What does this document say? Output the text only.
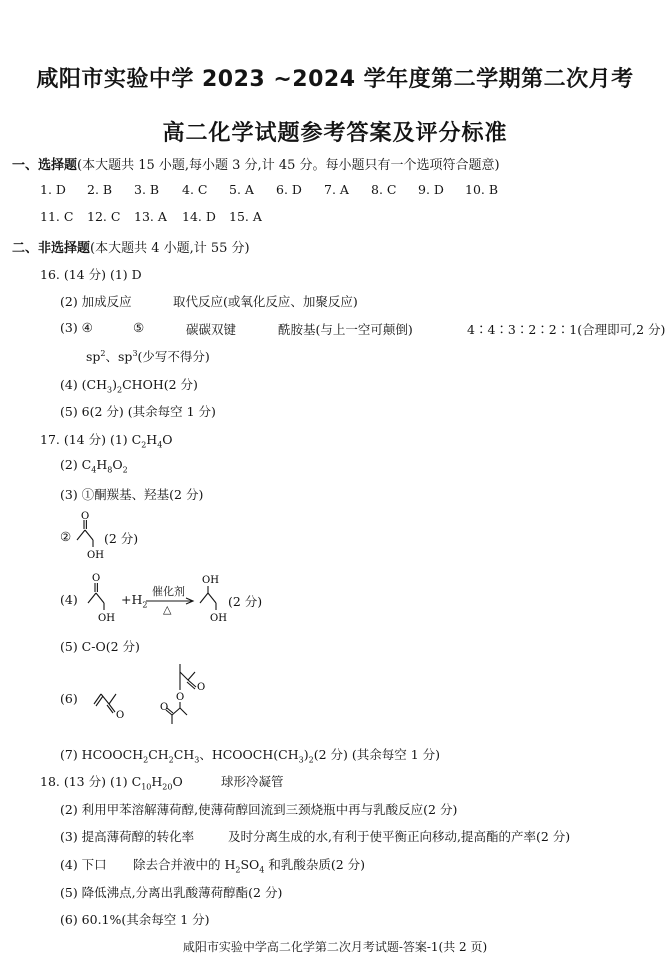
咸阳市实验中学 2023 ~2024 学年度第二学期第二次月考
高二化学试题参考答案及评分标准
一、选择题(本大题共 15 小题,每小题 3 分,计 45 分。每小题只有一个选项符合题意)
1. D 2. B 3. B 4. C 5. A 6. D 7. A 8. C 9. D 10. B
11. C 12. C 13. A 14. D 15. A
二、非选择题(本大题共 4 小题,计 55 分)
16. (14 分) (1) D
(2) 加成反应	取代反应(或氧化反应、加聚反应)
(3) ④	⑤	碳碳双键	酰胺基(与上一空可颠倒)	4∶4∶3∶2∶2∶1(合理即可,2 分)
$sp^2$、$sp^3$(少写不得分)
(4) $(CH_3)_2CHOH(2$ 分)
(5) 6(2 分) (其余每空 1 分)
17. (14 分) (1) $C_2H_4O$
(2) $C_4H_8O_2$
(3) ①酮羰基、羟基(2 分)
②
O
OH
(2 分)
(4)
O
OH
$+H_2$
催化剂
△
OH
OH
(2 分)
(5) C-O(2 分)
(6)
O
O
O
O
(7) $HCOOCH_2CH_2CH_3$、$HCOOCH(CH_3)_2(2$ 分) (其余每空 1 分)
18. (13 分) (1) $C_{10}H_{20}O$	球形冷凝管
(2) 利用甲苯溶解薄荷醇,使薄荷醇回流到三颈烧瓶中再与乳酸反应(2 分)
(3) 提高薄荷醇的转化率	及时分离生成的水,有利于使平衡正向移动,提高酯的产率(2 分)
(4) 下口 除去合并液中的 $H_2SO_4$ 和乳酸杂质(2 分)
(5) 降低沸点,分离出乳酸薄荷醇酯(2 分)
(6) 60.1%(其余每空 1 分)
咸阳市实验中学高二化学第二次月考试题-答案-1(共 2 页)
